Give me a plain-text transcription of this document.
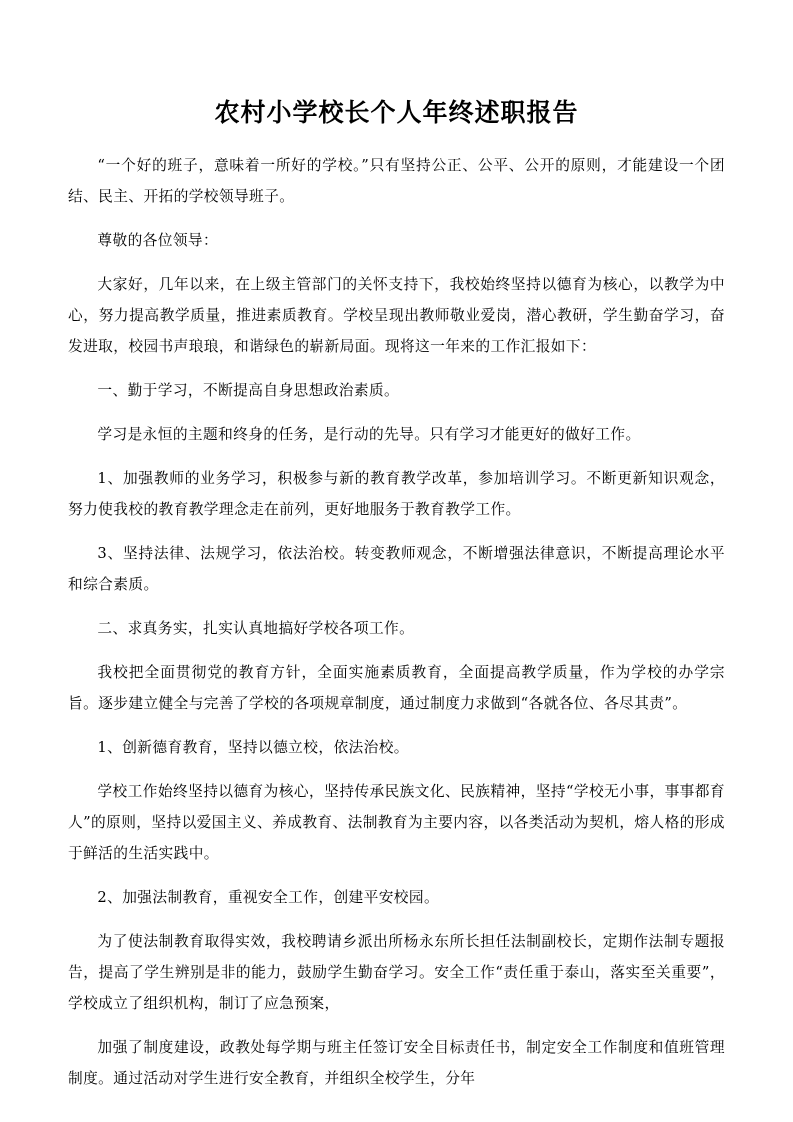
农村小学校长个人年终述职报告

“一个好的班子，意味着一所好的学校。”只有坚持公正、公平、公开的原则，才能建设一个团结、民主、开拓的学校领导班子。

尊敬的各位领导：

大家好，几年以来，在上级主管部门的关怀支持下，我校始终坚持以德育为核心，以教学为中心，努力提高教学质量，推进素质教育。学校呈现出教师敬业爱岗，潜心教研，学生勤奋学习，奋发进取，校园书声琅琅，和谐绿色的崭新局面。现将这一年来的工作汇报如下：

一、勤于学习，不断提高自身思想政治素质。

学习是永恒的主题和终身的任务，是行动的先导。只有学习才能更好的做好工作。

1、加强教师的业务学习，积极参与新的教育教学改革，参加培训学习。不断更新知识观念，努力使我校的教育教学理念走在前列，更好地服务于教育教学工作。

3、坚持法律、法规学习，依法治校。转变教师观念，不断增强法律意识，不断提高理论水平和综合素质。

二、求真务实，扎实认真地搞好学校各项工作。

我校把全面贯彻党的教育方针，全面实施素质教育，全面提高教学质量，作为学校的办学宗旨。逐步建立健全与完善了学校的各项规章制度，通过制度力求做到“各就各位、各尽其责”。

1、创新德育教育，坚持以德立校，依法治校。

学校工作始终坚持以德育为核心，坚持传承民族文化、民族精神，坚持“学校无小事，事事都育人”的原则，坚持以爱国主义、养成教育、法制教育为主要内容，以各类活动为契机，熔人格的形成于鲜活的生活实践中。

2、加强法制教育，重视安全工作，创建平安校园。

为了使法制教育取得实效，我校聘请乡派出所杨永东所长担任法制副校长，定期作法制专题报告，提高了学生辨别是非的能力，鼓励学生勤奋学习。安全工作“责任重于泰山，落实至关重要”，学校成立了组织机构，制订了应急预案，

加强了制度建设，政教处每学期与班主任签订安全目标责任书，制定安全工作制度和值班管理制度。通过活动对学生进行安全教育，并组织全校学生，分年
